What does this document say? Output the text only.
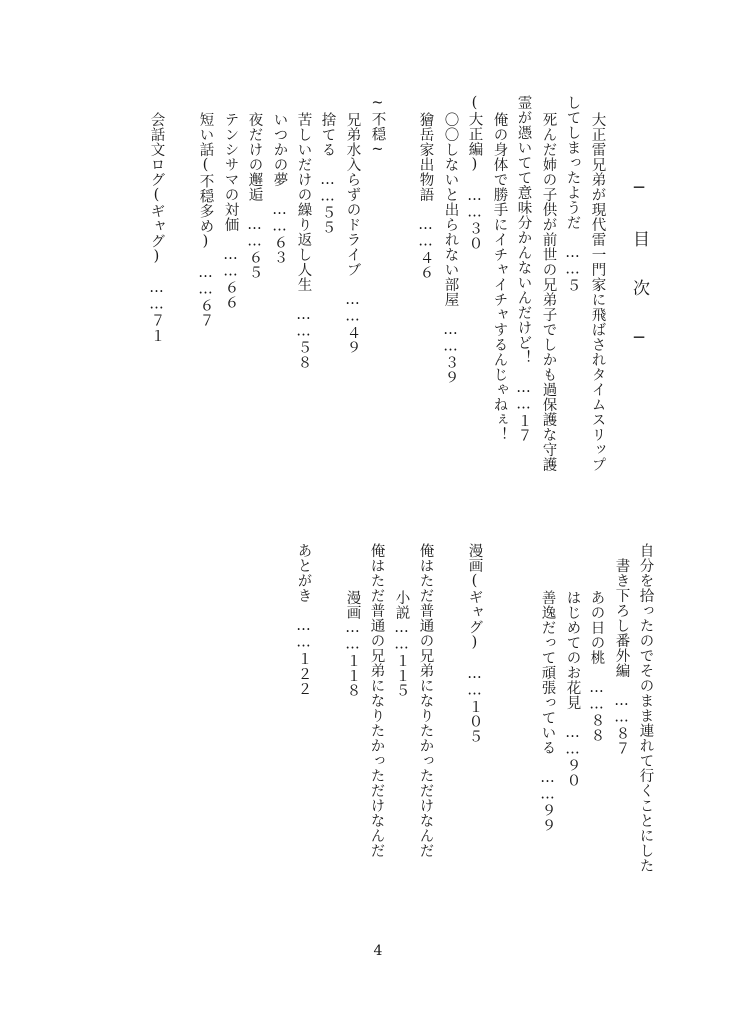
─ 目 次 ─
大正雷兄弟が現代雷一門家に飛ばされタイムスリップ
してしまったようだ　……５
死んだ姉の子供が前世の兄弟子でしかも過保護な守護
霊が憑いてて意味分かんないんだけど！　……１７
俺の身体で勝手にイチャイチャするんじゃねぇ！
(大正編)　……３０
〇〇しないと出られない部屋　……３９
獪岳家出物語　……４６
~不穏~
兄弟水入らずのドライブ　……４９
捨てる　……５５
苦しいだけの繰り返し人生　……５８
いつかの夢　……６３
夜だけの邂逅　……６５
テンシサマの対価　……６６
短い話(不穏多め)　……６７
会話文ログ(ギャグ)　……７１
自分を拾ったのでそのまま連れて行くことにした
書き下ろし番外編　……８７
あの日の桃　……８８
はじめてのお花見　……９０
善逸だって頑張っている　……９９
漫画(ギャグ)　……１０５
俺はただ普通の兄弟になりたかっただけなんだ
小説……１１５
俺はただ普通の兄弟になりたかっただけなんだ
漫画……１１８
あとがき　……１２２
4
